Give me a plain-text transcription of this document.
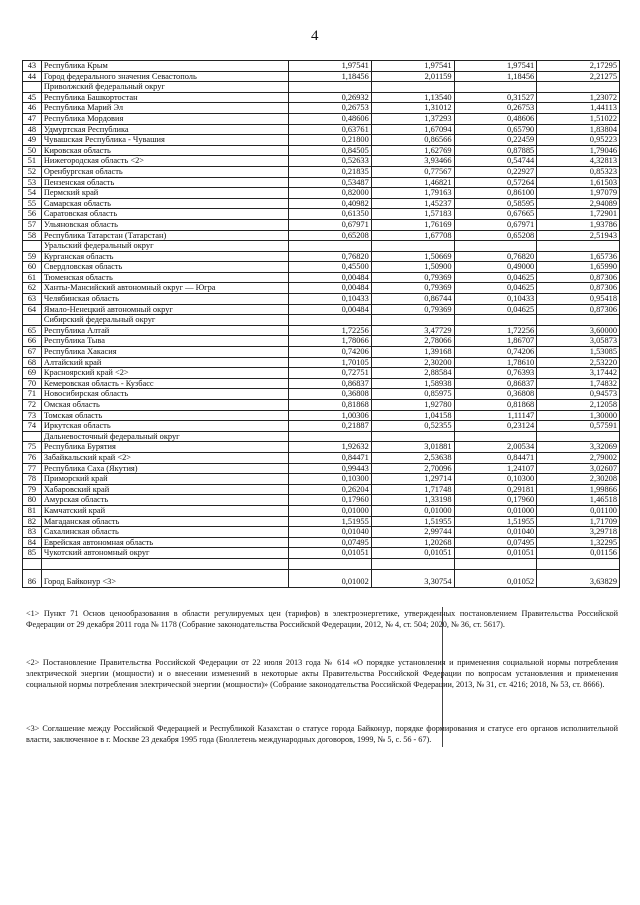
4
43	Республика Крым	1,97541	1,97541	1,97541	2,17295
44	Город федерального значения Севастополь	1,18456	2,01159	1,18456	2,21275
	Приволжский федеральный округ				
45	Республика Башкортостан	0,26932	1,13540	0,31527	1,23072
46	Республика Марий Эл	0,26753	1,31012	0,26753	1,44113
47	Республика Мордовия	0,48606	1,37293	0,48606	1,51022
48	Удмуртская Республика	0,63761	1,67094	0,65790	1,83804
49	Чувашская Республика - Чувашия	0,21800	0,86566	0,22459	0,95223
50	Кировская область	0,84505	1,62769	0,87885	1,79046
51	Нижегородская область <2>	0,52633	3,93466	0,54744	4,32813
52	Оренбургская область	0,21835	0,77567	0,22927	0,85323
53	Пензенская область	0,53487	1,46821	0,57264	1,61503
54	Пермский край	0,82000	1,79163	0,86100	1,97079
55	Самарская область	0,40982	1,45237	0,58595	2,94089
56	Саратовская область	0,61350	1,57183	0,67665	1,72901
57	Ульяновская область	0,67971	1,76169	0,67971	1,93786
58	Республика Татарстан (Татарстан)	0,65208	1,67708	0,65208	2,51943
	Уральский федеральный округ				
59	Курганская область	0,76820	1,50669	0,76820	1,65736
60	Свердловская область	0,45500	1,50900	0,49000	1,65990
61	Тюменская область	0,00484	0,79369	0,04625	0,87306
62	Ханты-Мансийский автономный округ — Югра	0,00484	0,79369	0,04625	0,87306
63	Челябинская область	0,10433	0,86744	0,10433	0,95418
64	Ямало-Ненецкий автономный округ	0,00484	0,79369	0,04625	0,87306
	Сибирский федеральный округ				
65	Республика Алтай	1,72256	3,47729	1,72256	3,60000
66	Республика Тыва	1,78066	2,78066	1,86707	3,05873
67	Республика Хакасия	0,74206	1,39168	0,74206	1,53085
68	Алтайский край	1,70105	2,30200	1,78610	2,53220
69	Красноярский край <2>	0,72751	2,88584	0,76393	3,17442
70	Кемеровская область - Кузбасс	0,86837	1,58938	0,86837	1,74832
71	Новосибирская область	0,36808	0,85975	0,36808	0,94573
72	Омская область	0,81868	1,92780	0,81868	2,12058
73	Томская область	1,00306	1,04158	1,11147	1,30000
74	Иркутская область	0,21887	0,52355	0,23124	0,57591
	Дальневосточный федеральный округ				
75	Республика Бурятия	1,92632	3,01881	2,00534	3,32069
76	Забайкальский край <2>	0,84471	2,53638	0,84471	2,79002
77	Республика Саха (Якутия)	0,99443	2,70096	1,24107	3,02607
78	Приморский край	0,10300	1,29714	0,10300	2,30208
79	Хабаровский край	0,26204	1,71748	0,29181	1,99866
80	Амурская область	0,17960	1,33198	0,17960	1,46518
81	Камчатский край	0,01000	0,01000	0,01000	0,01100
82	Магаданская область	1,51955	1,51955	1,51955	1,71709
83	Сахалинская область	0,01040	2,99744	0,01040	3,29718
84	Еврейская автономная область	0,07495	1,20268	0,07495	1,32295
85	Чукотский автономный округ	0,01051	0,01051	0,01051	0,01156

86	Город Байконур <3>	0,01002	3,30754	0,01052	3,63829
<1> Пункт 71 Основ ценообразования в области регулируемых цен (тарифов) в электроэнергетике, утвержденных постановлением Правительства Российской Федерации от 29 декабря 2011 года № 1178 (Собрание законодательства Российской Федерации, 2012, № 4, ст. 504; 2020, № 36, ст. 5617).
<2> Постановление Правительства Российской Федерации от 22 июля 2013 года № 614 «О порядке установления и применения социальной нормы потребления электрической энергии (мощности) и о внесении изменений в некоторые акты Правительства Российской Федерации по вопросам установления и применения социальной нормы потребления электрической энергии (мощности)» (Собрание законодательства Российской Федерации, 2013, № 31, ст. 4216; 2018, № 53, ст. 8666).
<3> Соглашение между Российской Федерацией и Республикой Казахстан о статусе города Байконур, порядке формирования и статусе его органов исполнительной власти, заключенное в г. Москве 23 декабря 1995 года (Бюллетень международных договоров, 1999, № 5, с. 56 - 67).
